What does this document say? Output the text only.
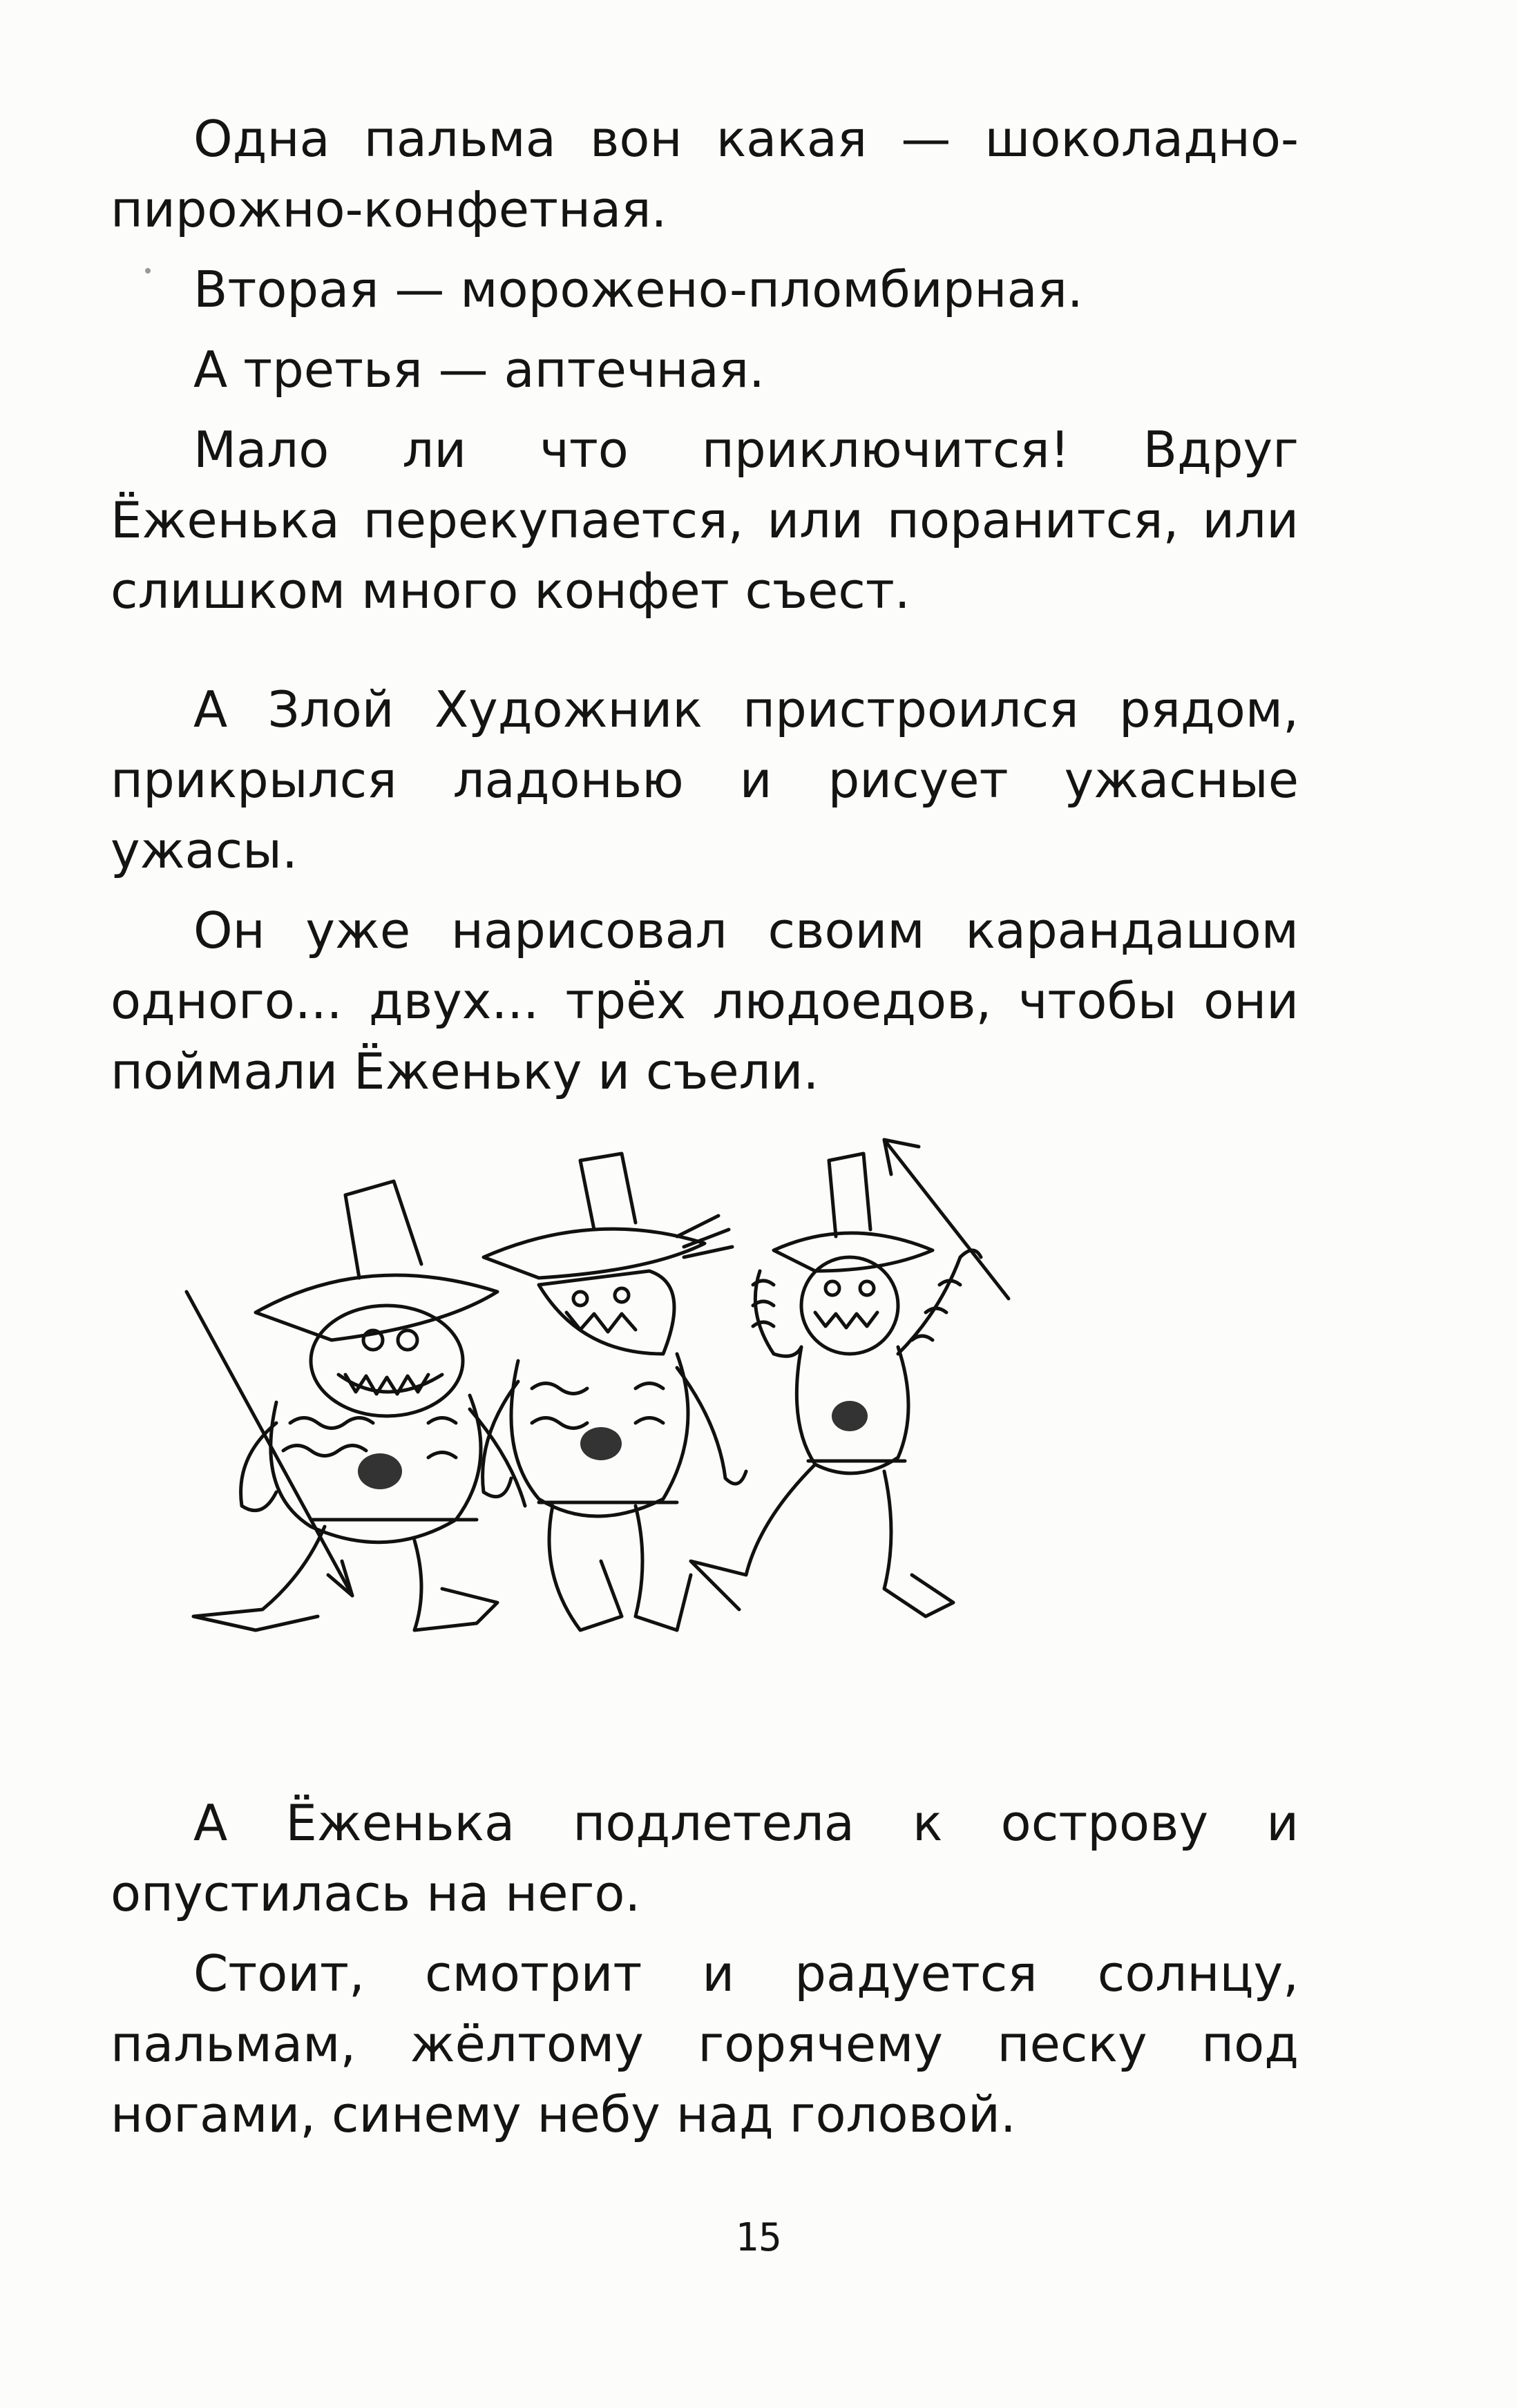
Одна пальма вон какая — шоколадно-пирожно-конфетная.

Вторая — мороженo-пломбирная.

А третья — аптечная.

Мало ли что приключится! Вдруг Ёженька перекупается, или поранится, или слишком много конфет съест.

А Злой Художник пристроился рядом, прикрылся ладонью и рисует ужасные ужасы.

Он уже нарисовал своим карандашом одного... двух... трёх людоедов, чтобы они поймали Ёженьку и съели.

А Ёженька подлетела к острову и опустилась на него.

Стоит, смотрит и радуется солнцу, пальмам, жёлтому горячему песку под ногами, синему небу над головой.

15
